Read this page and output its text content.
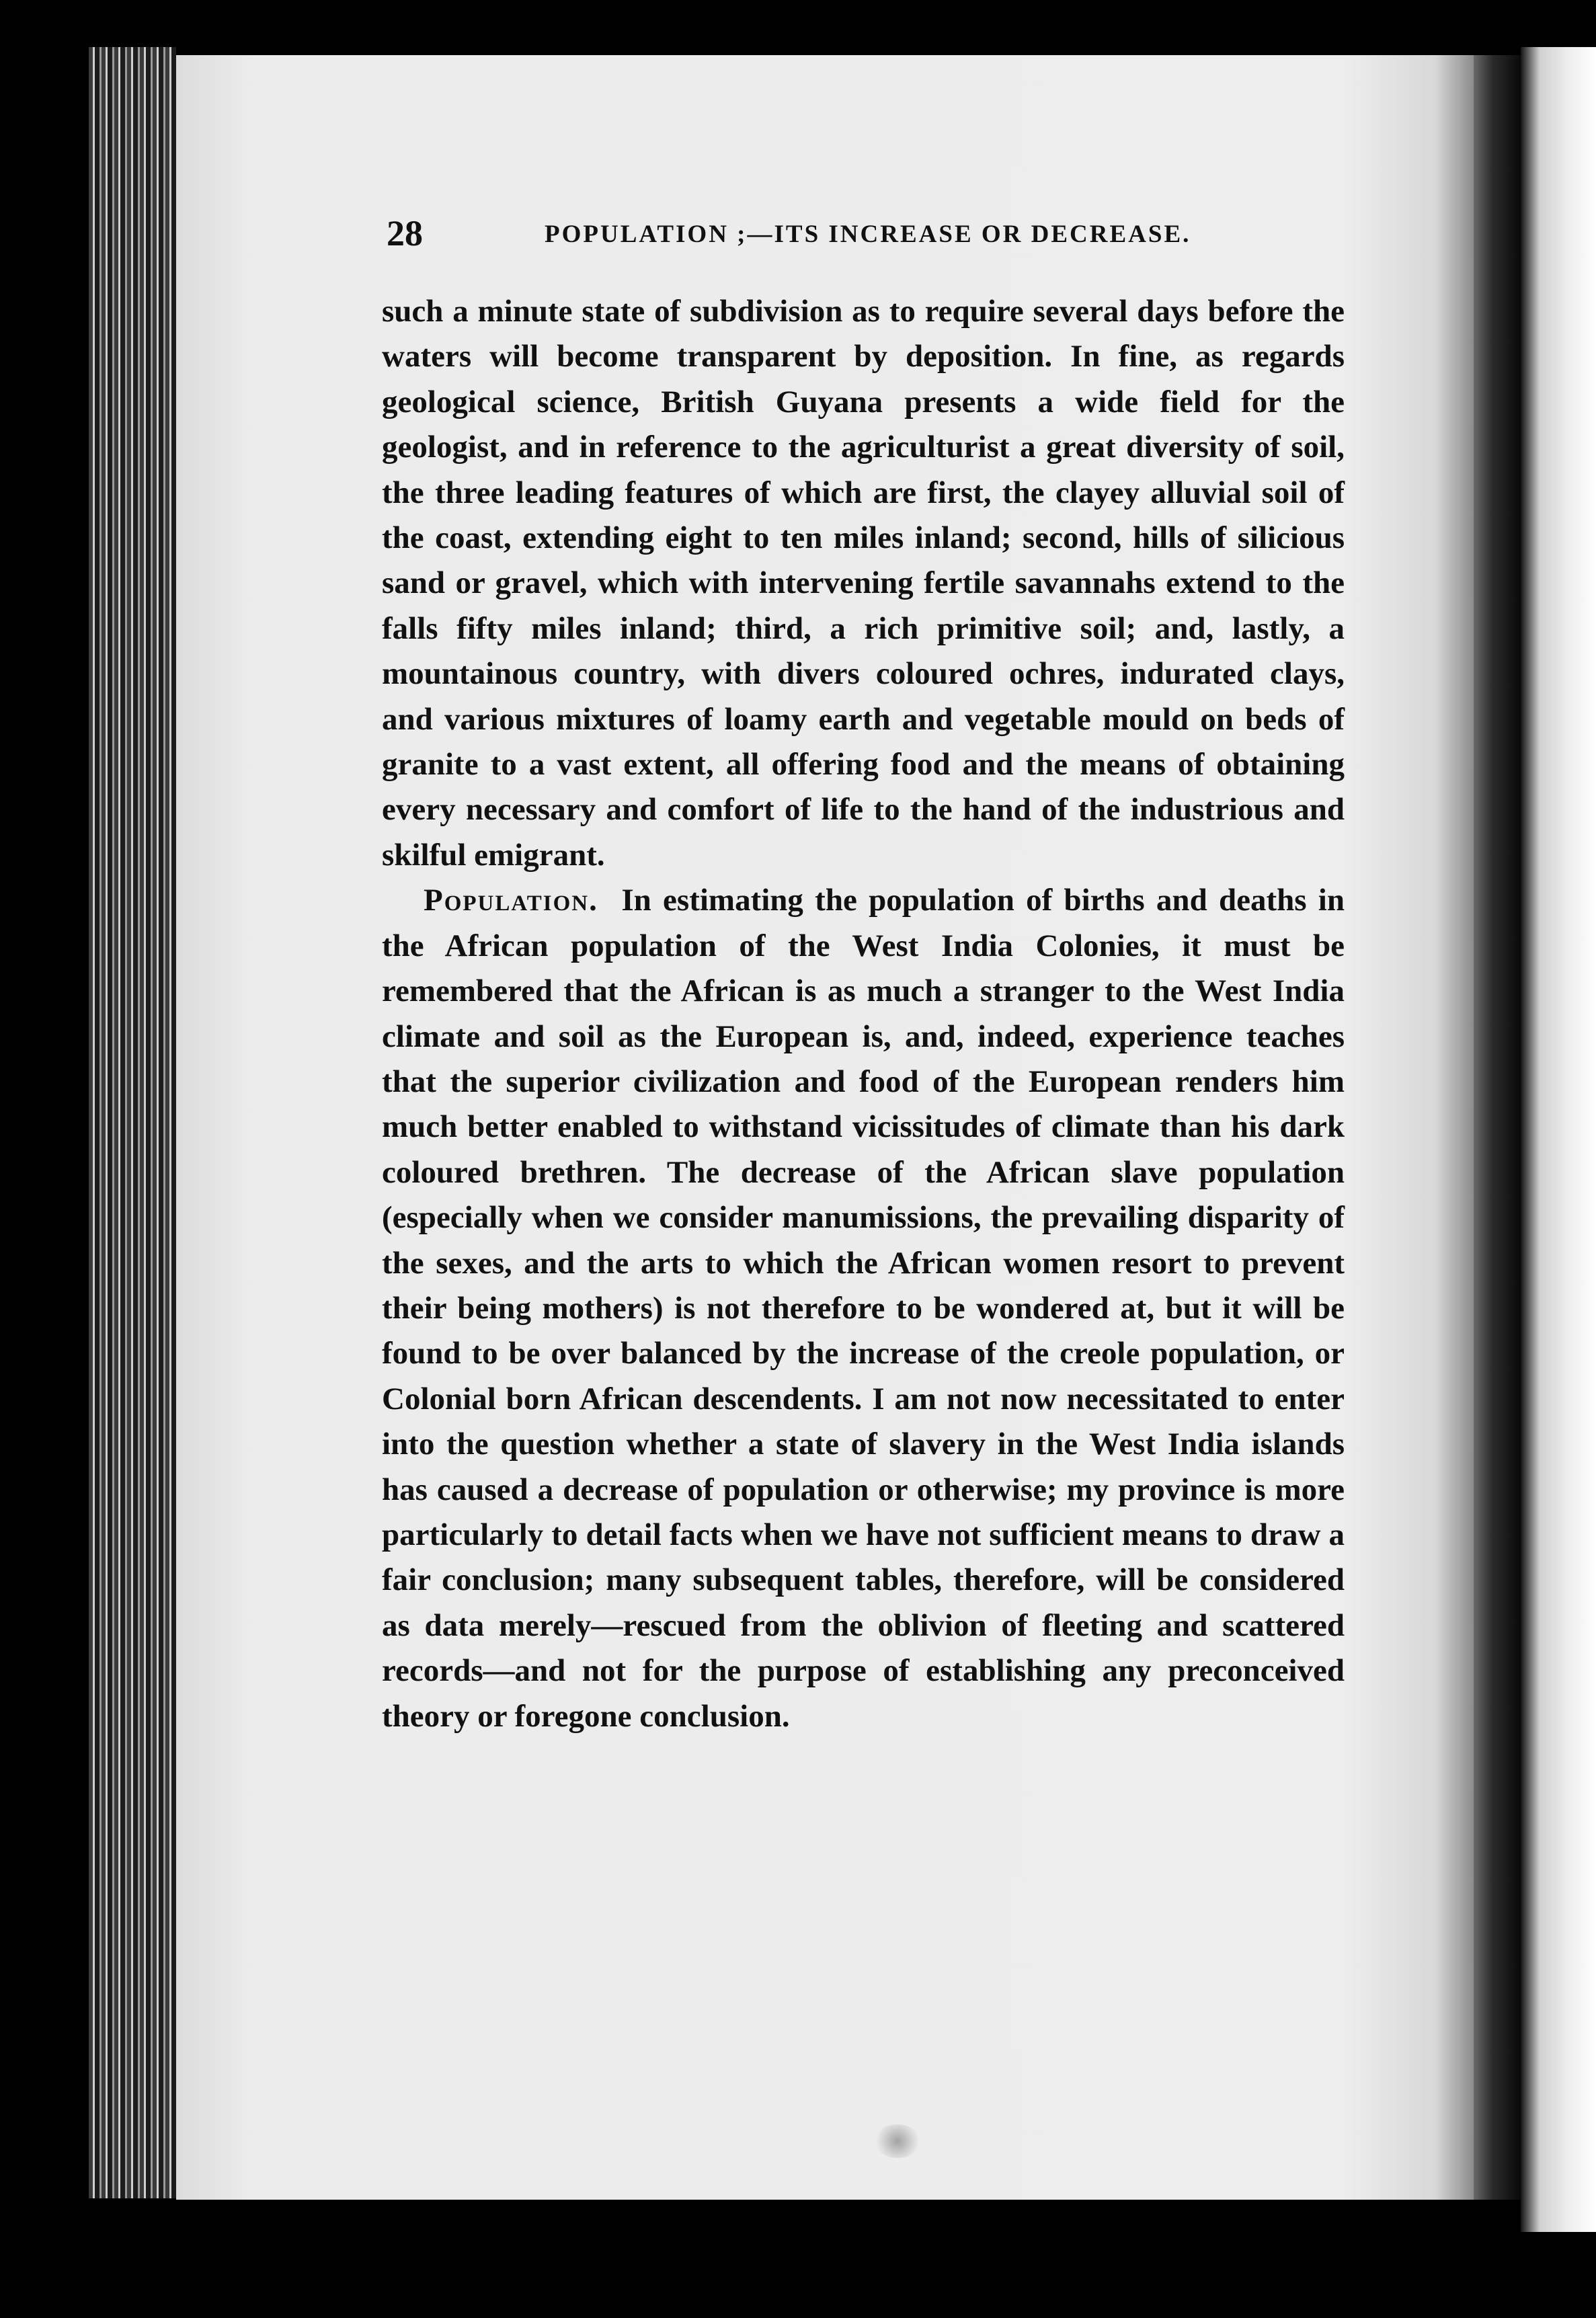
28	POPULATION ;—ITS INCREASE OR DECREASE.

such a minute state of subdivision as to require several days before the waters will become transparent by deposition. In fine, as regards geological science, British Guyana presents a wide field for the geologist, and in reference to the agriculturist a great diversity of soil, the three leading features of which are first, the clayey alluvial soil of the coast, extending eight to ten miles inland; second, hills of silicious sand or gravel, which with intervening fertile savannahs extend to the falls fifty miles inland; third, a rich primitive soil; and, lastly, a mountainous country, with divers coloured ochres, indurated clays, and various mixtures of loamy earth and vegetable mould on beds of granite to a vast extent, all offering food and the means of obtaining every necessary and comfort of life to the hand of the industrious and skilful emigrant.

Population. In estimating the population of births and deaths in the African population of the West India Colonies, it must be remembered that the African is as much a stranger to the West India climate and soil as the European is, and, indeed, experience teaches that the superior civilization and food of the European renders him much better enabled to withstand vicissitudes of climate than his dark coloured brethren. The decrease of the African slave population (especially when we consider manumissions, the prevailing disparity of the sexes, and the arts to which the African women resort to prevent their being mothers) is not therefore to be wondered at, but it will be found to be over balanced by the increase of the creole population, or Colonial born African descendents. I am not now necessitated to enter into the question whether a state of slavery in the West India islands has caused a decrease of population or otherwise; my province is more particularly to detail facts when we have not sufficient means to draw a fair conclusion; many subsequent tables, therefore, will be considered as data merely—rescued from the oblivion of fleeting and scattered records—and not for the purpose of establishing any preconceived theory or foregone conclusion.
